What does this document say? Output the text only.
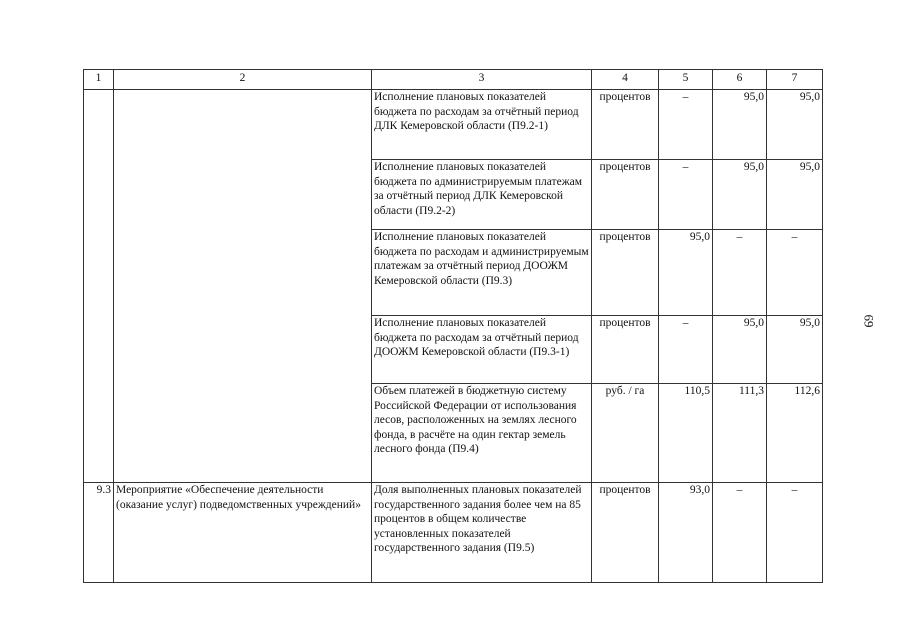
1	2	3	4	5	6	7
		Исполнение плановых показателей бюджета по расходам за отчётный период ДЛК Кемеровской области (П9.2-1)	процентов	–	95,0	95,0
		Исполнение плановых показателей бюджета по администрируемым платежам за отчётный период ДЛК Кемеровской области (П9.2-2)	процентов	–	95,0	95,0
		Исполнение плановых показателей бюджета по расходам и администрируемым платежам за отчётный период ДООЖМ Кемеровской области (П9.3)	процентов	95,0	–	–
		Исполнение плановых показателей бюджета по расходам за отчётный период ДООЖМ Кемеровской области (П9.3-1)	процентов	–	95,0	95,0
		Объем платежей в бюджетную систему Российской Федерации от использования лесов, расположенных на землях лесного фонда, в расчёте на один гектар земель лесного фонда (П9.4)	руб. / га	110,5	111,3	112,6
9.3	Мероприятие «Обеспечение деятельности (оказание услуг) подведомственных учреждений»	Доля выполненных плановых показателей государственного задания более чем на 85 процентов в общем количестве установленных показателей государственного задания (П9.5)	процентов	93,0	–	–
69
